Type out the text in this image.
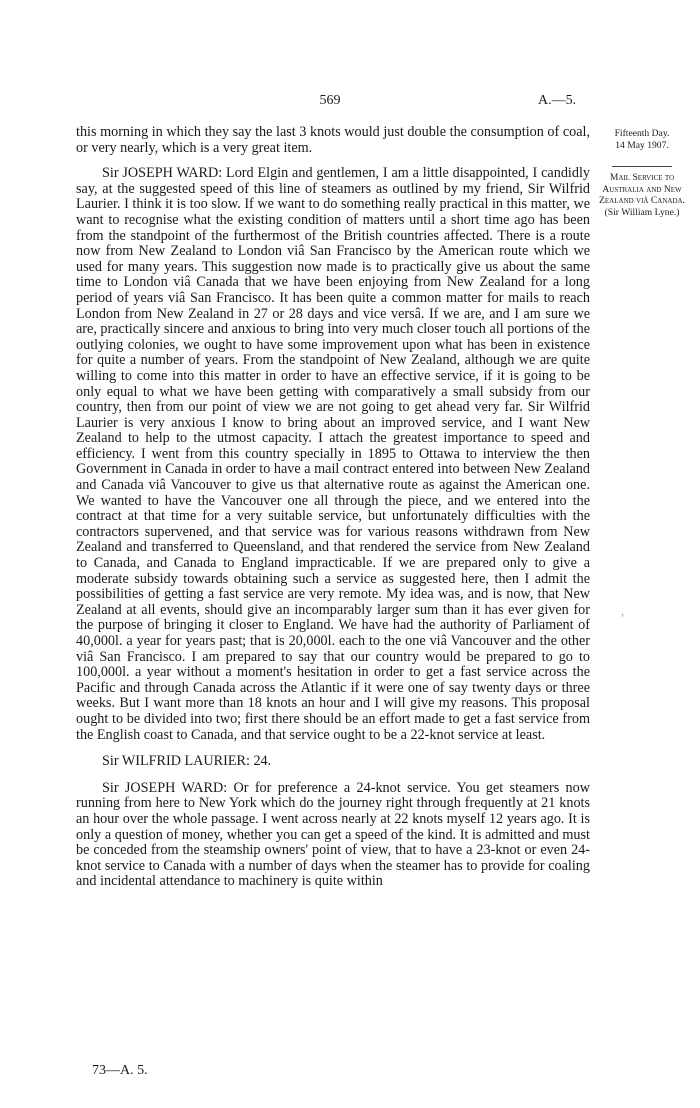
569	A.—5.
Fifteenth Day.
14 May 1907.
Mail Service to Australia and New Zealand viâ Canada.
(Sir William Lyne.)

this morning in which they say the last 3 knots would just double the consumption of coal, or very nearly, which is a very great item.

Sir JOSEPH WARD: Lord Elgin and gentlemen, I am a little disappointed, I candidly say, at the suggested speed of this line of steamers as outlined by my friend, Sir Wilfrid Laurier. I think it is too slow. If we want to do something really practical in this matter, we want to recognise what the existing condition of matters until a short time ago has been from the standpoint of the furthermost of the British countries affected. There is a route now from New Zealand to London viâ San Francisco by the American route which we used for many years. This suggestion now made is to practically give us about the same time to London viâ Canada that we have been enjoying from New Zealand for a long period of years viâ San Francisco. It has been quite a common matter for mails to reach London from New Zealand in 27 or 28 days and vice versâ. If we are, and I am sure we are, practically sincere and anxious to bring into very much closer touch all portions of the outlying colonies, we ought to have some improvement upon what has been in existence for quite a number of years. From the standpoint of New Zealand, although we are quite willing to come into this matter in order to have an effective service, if it is going to be only equal to what we have been getting with comparatively a small subsidy from our country, then from our point of view we are not going to get ahead very far. Sir Wilfrid Laurier is very anxious I know to bring about an improved service, and I want New Zealand to help to the utmost capacity. I attach the greatest importance to speed and efficiency. I went from this country specially in 1895 to Ottawa to interview the then Government in Canada in order to have a mail contract entered into between New Zealand and Canada viâ Vancouver to give us that alternative route as against the American one. We wanted to have the Vancouver one all through the piece, and we entered into the contract at that time for a very suitable service, but unfortunately difficulties with the contractors supervened, and that service was for various reasons withdrawn from New Zealand and transferred to Queensland, and that rendered the service from New Zealand to Canada, and Canada to England impracticable. If we are prepared only to give a moderate subsidy towards obtaining such a service as suggested here, then I admit the possibilities of getting a fast service are very remote. My idea was, and is now, that New Zealand at all events, should give an incomparably larger sum than it has ever given for the purpose of bringing it closer to England. We have had the authority of Parliament of 40,000l. a year for years past; that is 20,000l. each to the one viâ Vancouver and the other viâ San Francisco. I am prepared to say that our country would be prepared to go to 100,000l. a year without a moment's hesitation in order to get a fast service across the Pacific and through Canada across the Atlantic if it were one of say twenty days or three weeks. But I want more than 18 knots an hour and I will give my reasons. This proposal ought to be divided into two; first there should be an effort made to get a fast service from the English coast to Canada, and that service ought to be a 22-knot service at least.

Sir WILFRID LAURIER: 24.

Sir JOSEPH WARD: Or for preference a 24-knot service. You get steamers now running from here to New York which do the journey right through frequently at 21 knots an hour over the whole passage. I went across nearly at 22 knots myself 12 years ago. It is only a question of money, whether you can get a speed of the kind. It is admitted and must be conceded from the steamship owners' point of view, that to have a 23-knot or even 24-knot service to Canada with a number of days when the steamer has to provide for coaling and incidental attendance to machinery is quite within

73—A. 5.
ʳ
